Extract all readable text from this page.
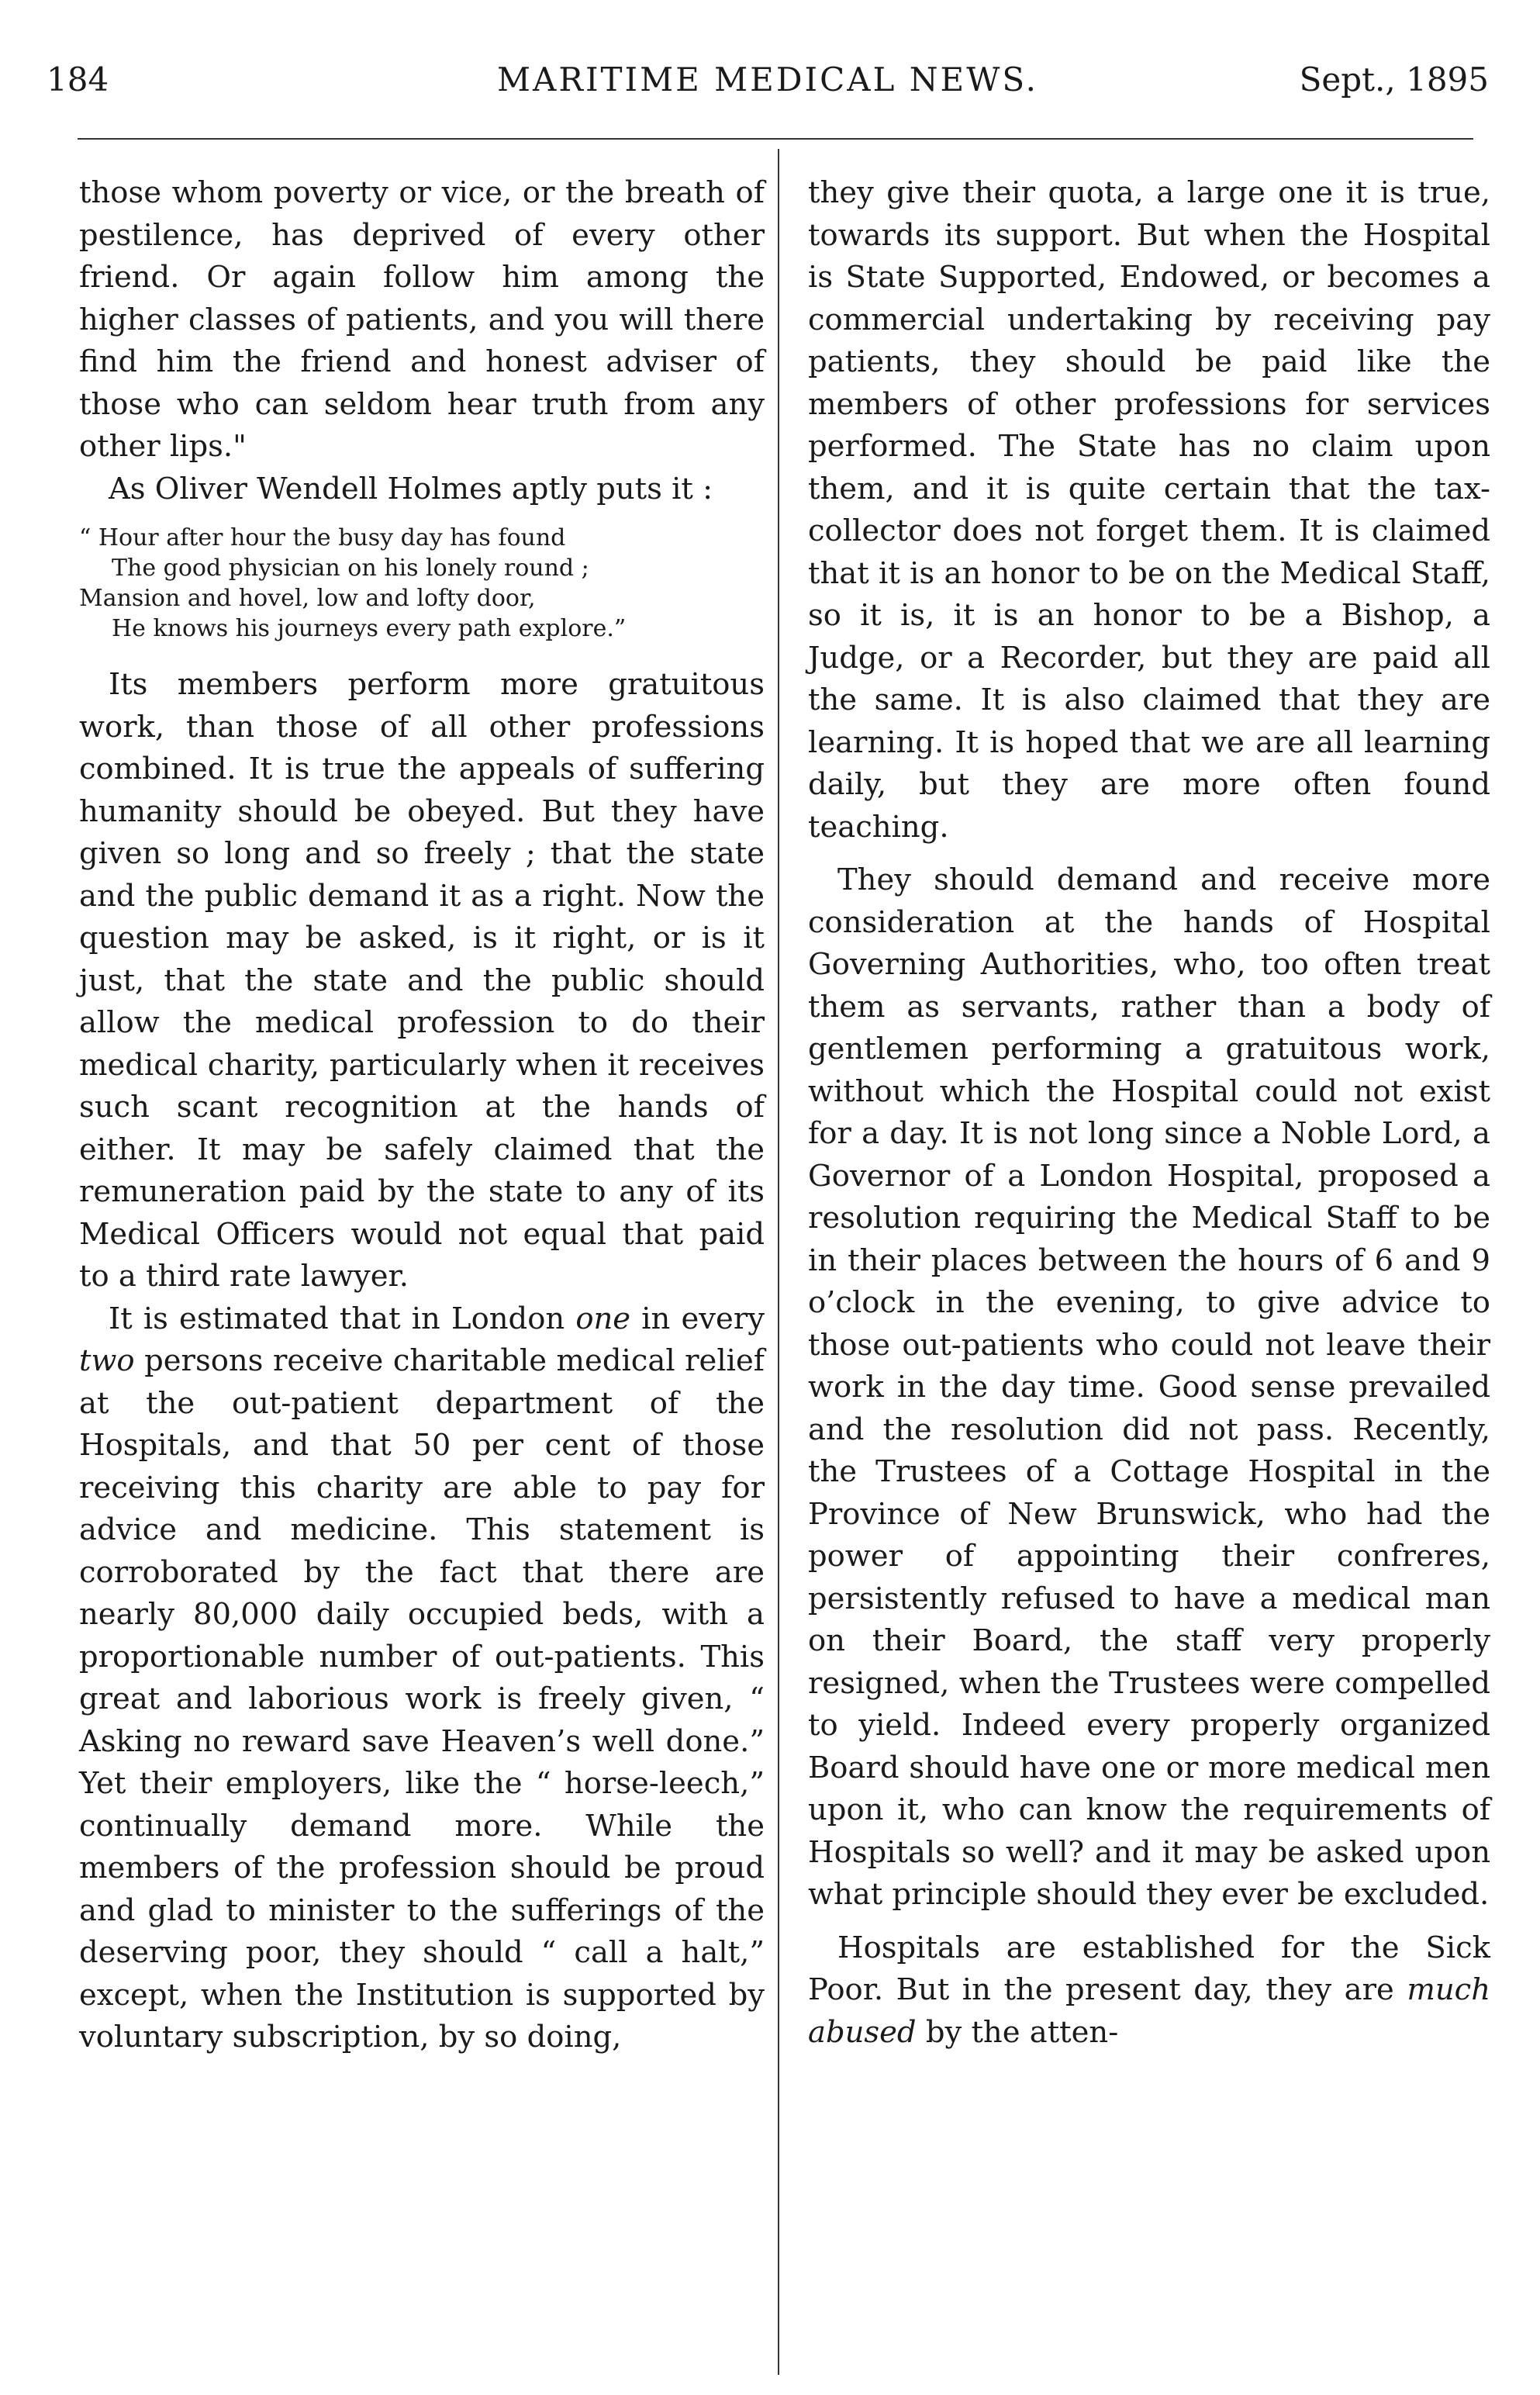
184	MARITIME MEDICAL NEWS.	Sept., 1895

those whom poverty or vice, or the breath of pestilence, has deprived of every other friend. Or again follow him among the higher classes of patients, and you will there find him the friend and honest adviser of those who can seldom hear truth from any other lips."

As Oliver Wendell Holmes aptly puts it :

“ Hour after hour the busy day has found
The good physician on his lonely round ;
Mansion and hovel, low and lofty door,
He knows his journeys every path explore.”

Its members perform more gratuitous work, than those of all other professions combined. It is true the appeals of suffering humanity should be obeyed. But they have given so long and so freely ; that the state and the public demand it as a right. Now the question may be asked, is it right, or is it just, that the state and the public should allow the medical profession to do their medical charity, particularly when it receives such scant recognition at the hands of either. It may be safely claimed that the remuneration paid by the state to any of its Medical Officers would not equal that paid to a third rate lawyer.

It is estimated that in London one in every two persons receive charitable medical relief at the out-patient department of the Hospitals, and that 50 per cent of those receiving this charity are able to pay for advice and medicine. This statement is corroborated by the fact that there are nearly 80,000 daily occupied beds, with a proportionable number of out-patients. This great and laborious work is freely given, “ Asking no reward save Heaven’s well done.” Yet their employers, like the “ horse-leech,” continually demand more. While the members of the profession should be proud and glad to minister to the sufferings of the deserving poor, they should “ call a halt,” except, when the Institution is supported by voluntary subscription, by so doing,

they give their quota, a large one it is true, towards its support. But when the Hospital is State Supported, Endowed, or becomes a commercial undertaking by receiving pay patients, they should be paid like the members of other professions for services performed. The State has no claim upon them, and it is quite certain that the tax-collector does not forget them. It is claimed that it is an honor to be on the Medical Staff, so it is, it is an honor to be a Bishop, a Judge, or a Recorder, but they are paid all the same. It is also claimed that they are learning. It is hoped that we are all learning daily, but they are more often found teaching.

They should demand and receive more consideration at the hands of Hospital Governing Authorities, who, too often treat them as servants, rather than a body of gentlemen performing a gratuitous work, without which the Hospital could not exist for a day. It is not long since a Noble Lord, a Governor of a London Hospital, proposed a resolution requiring the Medical Staff to be in their places between the hours of 6 and 9 o’clock in the evening, to give advice to those out-patients who could not leave their work in the day time. Good sense prevailed and the resolution did not pass. Recently, the Trustees of a Cottage Hospital in the Province of New Brunswick, who had the power of appointing their confreres, persistently refused to have a medical man on their Board, the staff very properly resigned, when the Trustees were compelled to yield. Indeed every properly organized Board should have one or more medical men upon it, who can know the requirements of Hospitals so well? and it may be asked upon what principle should they ever be excluded.

Hospitals are established for the Sick Poor. But in the present day, they are much abused by the atten-
